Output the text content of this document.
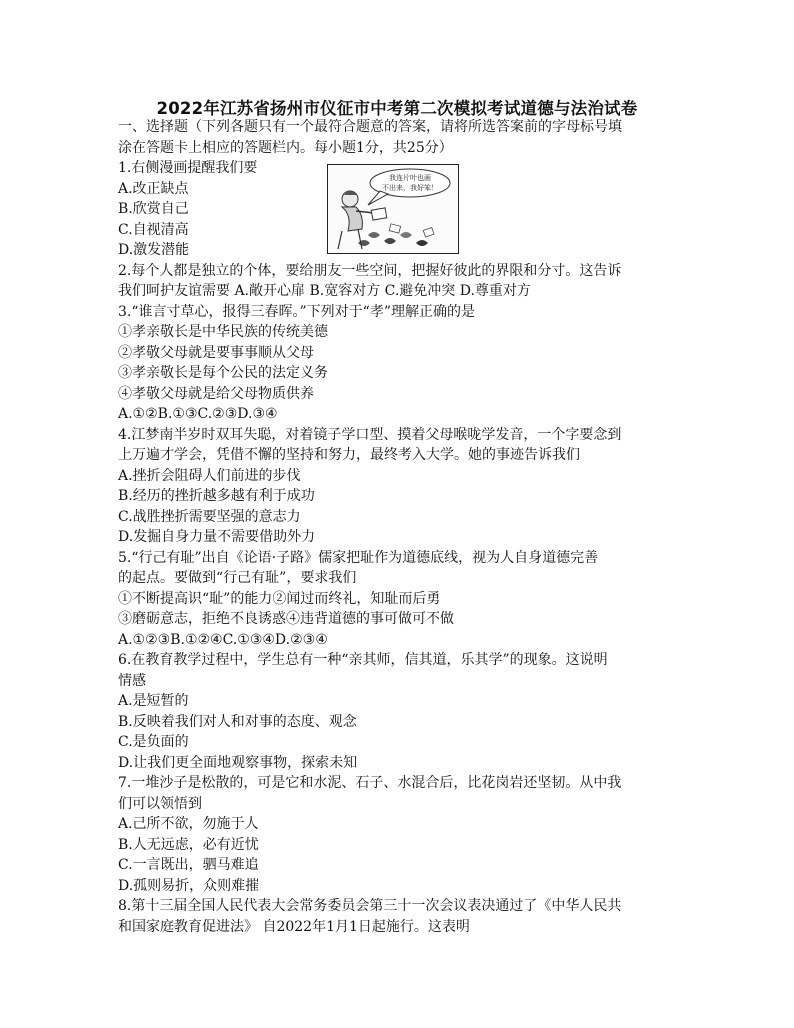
2022年江苏省扬州市仪征市中考第二次模拟考试道德与法治试卷
一、选择题（下列各题只有一个最符合题意的答案，请将所选答案前的字母标号填
涂在答题卡上相应的答题栏内。每小题1分，共25分）
1.右侧漫画提醒我们要
A.改正缺点
B.欣赏自己
C.自视清高
D.激发潜能
2.每个人都是独立的个体，要给朋友一些空间，把握好彼此的界限和分寸。这告诉
我们呵护友谊需要 A.敞开心扉 B.宽容对方 C.避免冲突 D.尊重对方
3.“谁言寸草心，报得三春晖。”下列对于“孝”理解正确的是
①孝亲敬长是中华民族的传统美德
②孝敬父母就是要事事顺从父母
③孝亲敬长是每个公民的法定义务
④孝敬父母就是给父母物质供养
A.①②B.①③C.②③D.③④
4.江梦南半岁时双耳失聪，对着镜子学口型、摸着父母喉咙学发音，一个字要念到
上万遍才学会，凭借不懈的坚持和努力，最终考入大学。她的事迹告诉我们
A.挫折会阻碍人们前进的步伐
B.经历的挫折越多越有利于成功
C.战胜挫折需要坚强的意志力
D.发掘自身力量不需要借助外力
5.“行己有耻”出自《论语·子路》儒家把耻作为道德底线，视为人自身道德完善
的起点。要做到“行己有耻”，要求我们
①不断提高识“耻”的能力②闻过而终礼，知耻而后勇
③磨砺意志，拒绝不良诱惑④违背道德的事可做可不做
A.①②③B.①②④C.①③④D.②③④
6.在教育教学过程中，学生总有一种“亲其师，信其道，乐其学”的现象。这说明
情感
A.是短暂的
B.反映着我们对人和对事的态度、观念
C.是负面的
D.让我们更全面地观察事物，探索未知
7.一堆沙子是松散的，可是它和水泥、石子、水混合后，比花岗岩还坚韧。从中我
们可以领悟到
A.己所不欲，勿施于人
B.人无远虑，必有近忧
C.一言既出，驷马难追
D.孤则易折，众则难摧
8.第十三届全国人民代表大会常务委员会第三十一次会议表决通过了《中华人民共
和国家庭教育促进法》 自2022年1月1日起施行。这表明
我连片叶也画
不出来，我好笨！
